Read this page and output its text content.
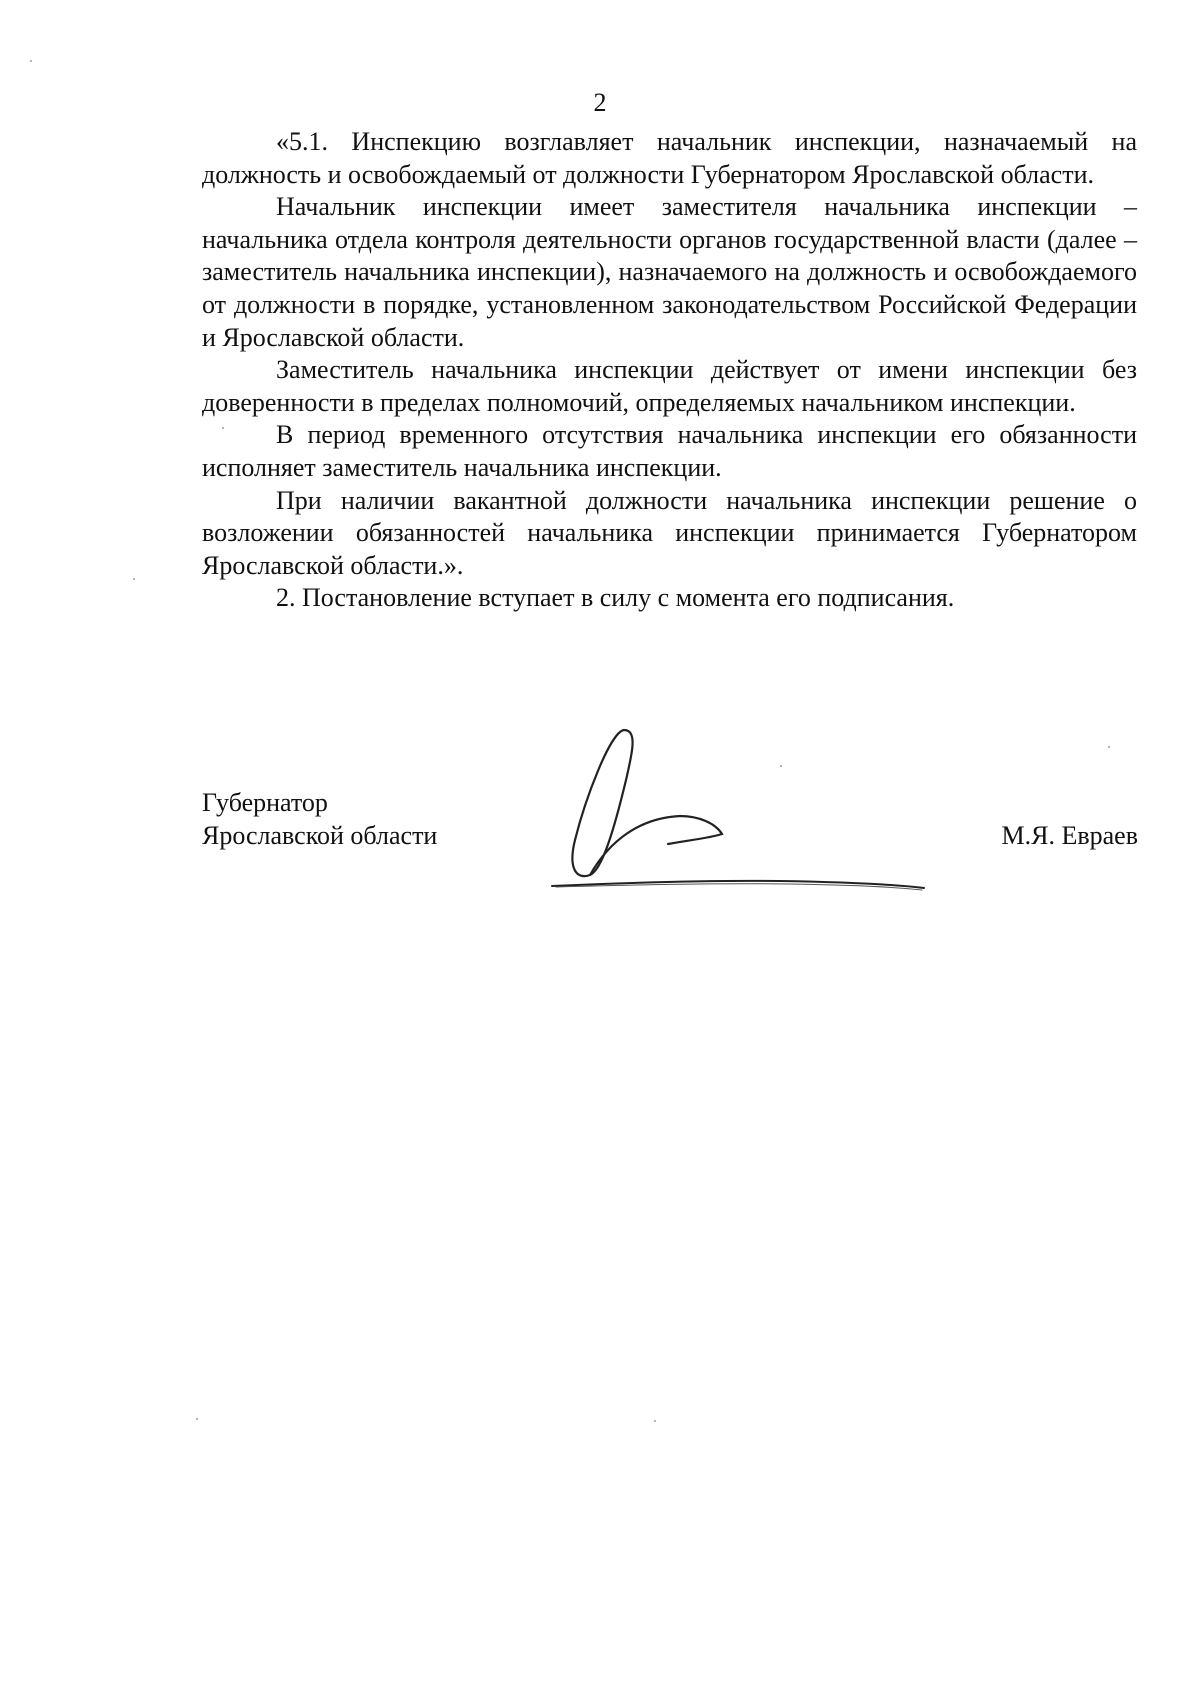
2

«5.1. Инспекцию возглавляет начальник инспекции, назначаемый на должность и освобождаемый от должности Губернатором Ярославской области.

Начальник инспекции имеет заместителя начальника инспекции – начальника отдела контроля деятельности органов государственной власти (далее – заместитель начальника инспекции), назначаемого на должность и освобождаемого от должности в порядке, установленном законодательством Российской Федерации и Ярославской области.

Заместитель начальника инспекции действует от имени инспекции без доверенности в пределах полномочий, определяемых начальником инспекции.

В период временного отсутствия начальника инспекции его обязанности исполняет заместитель начальника инспекции.

При наличии вакантной должности начальника инспекции решение о возложении обязанностей начальника инспекции принимается Губернатором Ярославской области.».

2. Постановление вступает в силу с момента его подписания.

Губернатор
Ярославской области	М.Я. Евраев
